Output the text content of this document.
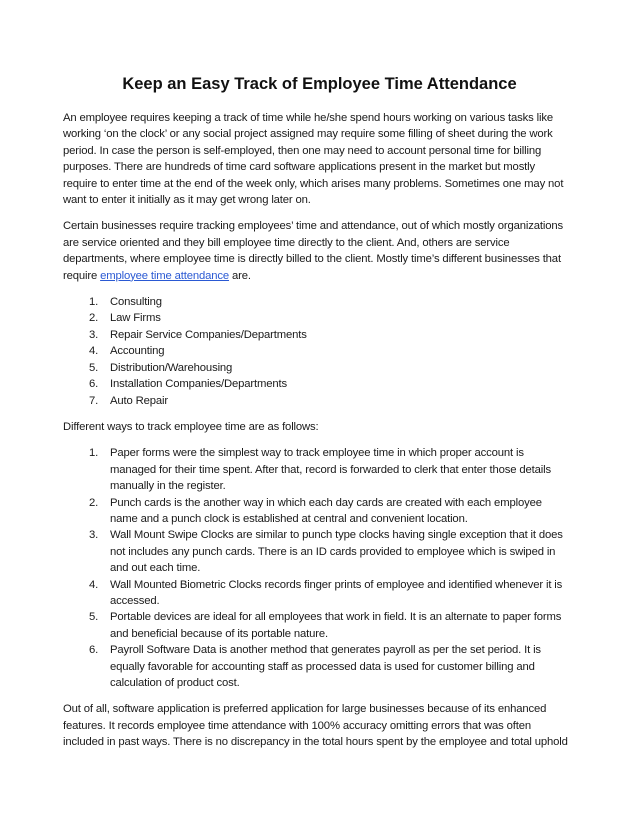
Keep an Easy Track of Employee Time Attendance

An employee requires keeping a track of time while he/she spend hours working on various tasks like working ‘on the clock’ or any social project assigned may require some filling of sheet during the work period. In case the person is self-employed, then one may need to account personal time for billing purposes. There are hundreds of time card software applications present in the market but mostly require to enter time at the end of the week only, which arises many problems. Sometimes one may not want to enter it initially as it may get wrong later on.

Certain businesses require tracking employees’ time and attendance, out of which mostly organizations are service oriented and they bill employee time directly to the client. And, others are service departments, where employee time is directly billed to the client. Mostly time’s different businesses that require employee time attendance are.

1. Consulting
2. Law Firms
3. Repair Service Companies/Departments
4. Accounting
5. Distribution/Warehousing
6. Installation Companies/Departments
7. Auto Repair

Different ways to track employee time are as follows:

1. Paper forms were the simplest way to track employee time in which proper account is managed for their time spent. After that, record is forwarded to clerk that enter those details manually in the register.
2. Punch cards is the another way in which each day cards are created with each employee name and a punch clock is established at central and convenient location.
3. Wall Mount Swipe Clocks are similar to punch type clocks having single exception that it does not includes any punch cards. There is an ID cards provided to employee which is swiped in and out each time.
4. Wall Mounted Biometric Clocks records finger prints of employee and identified whenever it is accessed.
5. Portable devices are ideal for all employees that work in field. It is an alternate to paper forms and beneficial because of its portable nature.
6. Payroll Software Data is another method that generates payroll as per the set period. It is equally favorable for accounting staff as processed data is used for customer billing and calculation of product cost.

Out of all, software application is preferred application for large businesses because of its enhanced features. It records employee time attendance with 100% accuracy omitting errors that was often included in past ways. There is no discrepancy in the total hours spent by the employee and total uphold
